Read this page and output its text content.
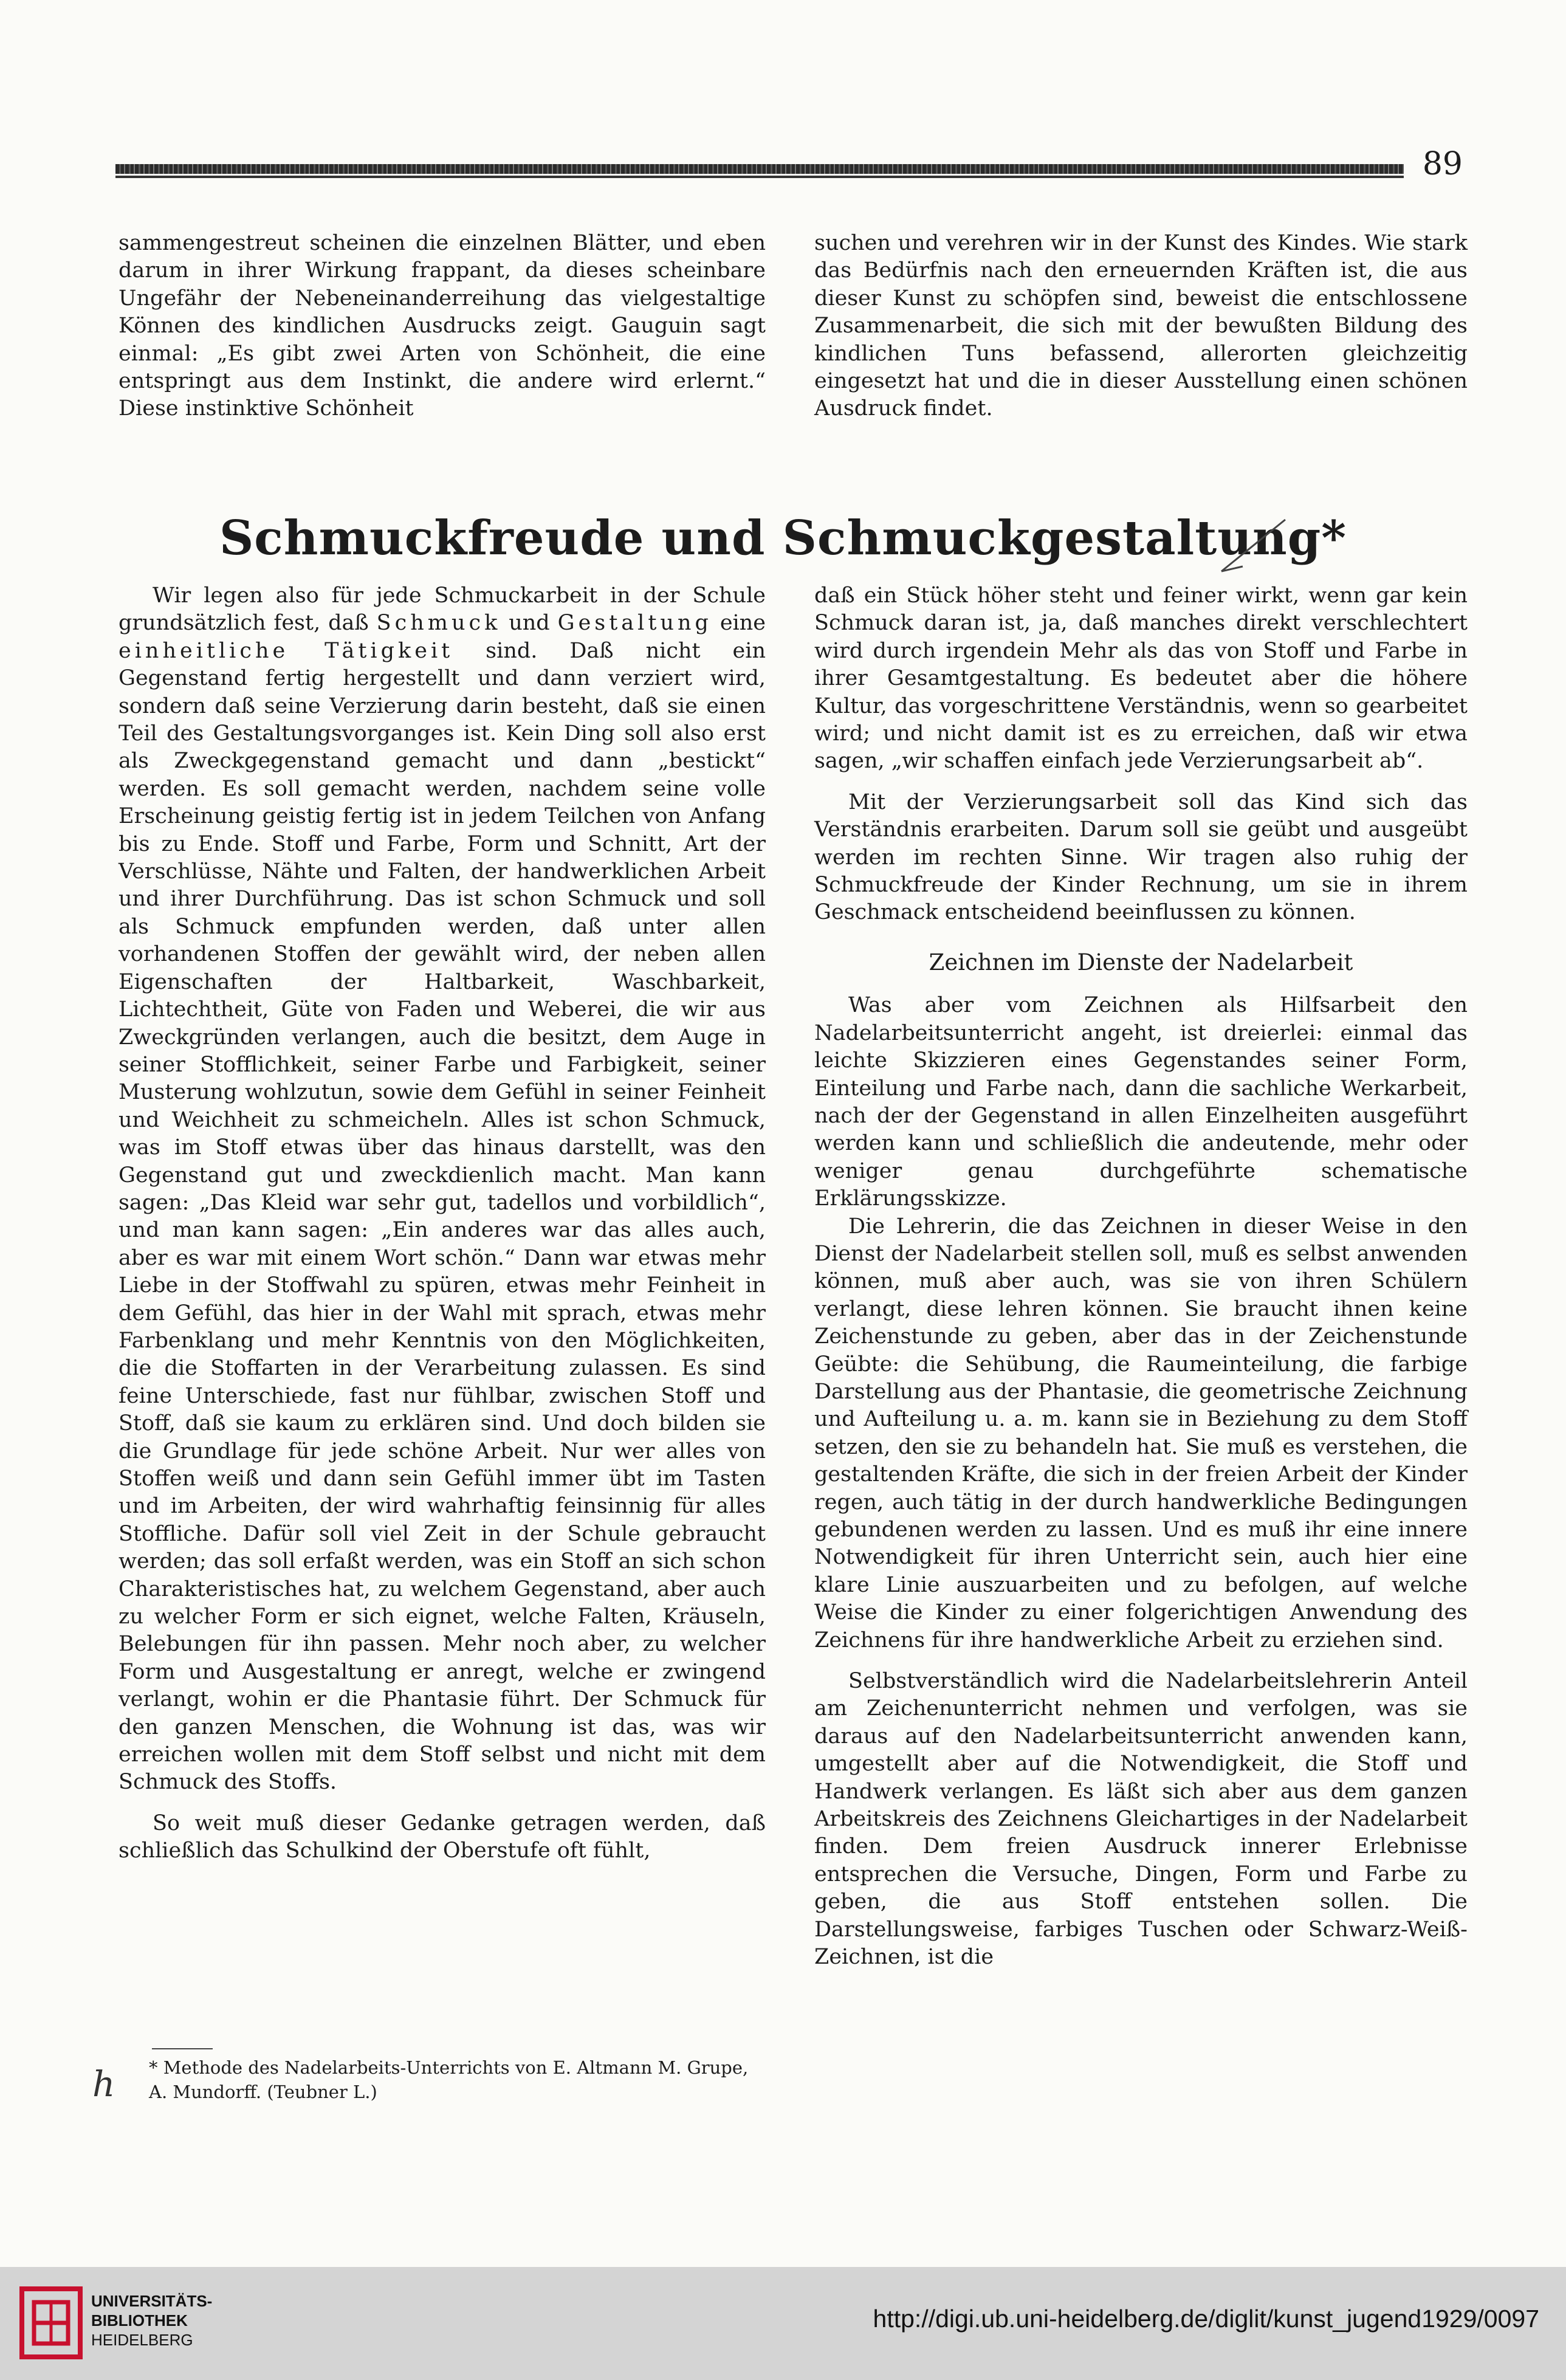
89

sammengestreut scheinen die einzelnen Blätter, und eben darum in ihrer Wirkung frappant, da dieses scheinbare Ungefähr der Nebeneinanderreihung das vielgestaltige Können des kindlichen Ausdrucks zeigt. Gauguin sagt einmal: „Es gibt zwei Arten von Schönheit, die eine entspringt aus dem Instinkt, die andere wird erlernt.“ Diese instinktive Schönheit

suchen und verehren wir in der Kunst des Kindes. Wie stark das Bedürfnis nach den erneuernden Kräften ist, die aus dieser Kunst zu schöpfen sind, beweist die entschlossene Zusammenarbeit, die sich mit der bewußten Bildung des kindlichen Tuns befassend, allerorten gleichzeitig eingesetzt hat und die in dieser Ausstellung einen schönen Ausdruck findet.

Schmuckfreude und Schmuckgestaltung*

Wir legen also für jede Schmuckarbeit in der Schule grundsätzlich fest, daß Schmuck und Gestaltung eine einheitliche Tätigkeit sind. Daß nicht ein Gegenstand fertig hergestellt und dann verziert wird, sondern daß seine Verzierung darin besteht, daß sie einen Teil des Gestaltungsvorganges ist. Kein Ding soll also erst als Zweckgegenstand gemacht und dann „bestickt“ werden. Es soll gemacht werden, nachdem seine volle Erscheinung geistig fertig ist in jedem Teilchen von Anfang bis zu Ende. Stoff und Farbe, Form und Schnitt, Art der Verschlüsse, Nähte und Falten, der handwerklichen Arbeit und ihrer Durchführung. Das ist schon Schmuck und soll als Schmuck empfunden werden, daß unter allen vorhandenen Stoffen der gewählt wird, der neben allen Eigenschaften der Haltbarkeit, Waschbarkeit, Lichtechtheit, Güte von Faden und Weberei, die wir aus Zweckgründen verlangen, auch die besitzt, dem Auge in seiner Stofflichkeit, seiner Farbe und Farbigkeit, seiner Musterung wohlzutun, sowie dem Gefühl in seiner Feinheit und Weichheit zu schmeicheln. Alles ist schon Schmuck, was im Stoff etwas über das hinaus darstellt, was den Gegenstand gut und zweckdienlich macht. Man kann sagen: „Das Kleid war sehr gut, tadellos und vorbildlich“, und man kann sagen: „Ein anderes war das alles auch, aber es war mit einem Wort schön.“ Dann war etwas mehr Liebe in der Stoffwahl zu spüren, etwas mehr Feinheit in dem Gefühl, das hier in der Wahl mit sprach, etwas mehr Farbenklang und mehr Kenntnis von den Möglichkeiten, die die Stoffarten in der Verarbeitung zulassen. Es sind feine Unterschiede, fast nur fühlbar, zwischen Stoff und Stoff, daß sie kaum zu erklären sind. Und doch bilden sie die Grundlage für jede schöne Arbeit. Nur wer alles von Stoffen weiß und dann sein Gefühl immer übt im Tasten und im Arbeiten, der wird wahrhaftig feinsinnig für alles Stoffliche. Dafür soll viel Zeit in der Schule gebraucht werden; das soll erfaßt werden, was ein Stoff an sich schon Charakteristisches hat, zu welchem Gegenstand, aber auch zu welcher Form er sich eignet, welche Falten, Kräuseln, Belebungen für ihn passen. Mehr noch aber, zu welcher Form und Ausgestaltung er anregt, welche er zwingend verlangt, wohin er die Phantasie führt. Der Schmuck für den ganzen Menschen, die Wohnung ist das, was wir erreichen wollen mit dem Stoff selbst und nicht mit dem Schmuck des Stoffs.

So weit muß dieser Gedanke getragen werden, daß schließlich das Schulkind der Oberstufe oft fühlt,

daß ein Stück höher steht und feiner wirkt, wenn gar kein Schmuck daran ist, ja, daß manches direkt verschlechtert wird durch irgendein Mehr als das von Stoff und Farbe in ihrer Gesamtgestaltung. Es bedeutet aber die höhere Kultur, das vorgeschrittene Verständnis, wenn so gearbeitet wird; und nicht damit ist es zu erreichen, daß wir etwa sagen, „wir schaffen einfach jede Verzierungsarbeit ab“.

Mit der Verzierungsarbeit soll das Kind sich das Verständnis erarbeiten. Darum soll sie geübt und ausgeübt werden im rechten Sinne. Wir tragen also ruhig der Schmuckfreude der Kinder Rechnung, um sie in ihrem Geschmack entscheidend beeinflussen zu können.

Zeichnen im Dienste der Nadelarbeit

Was aber vom Zeichnen als Hilfsarbeit den Nadelarbeitsunterricht angeht, ist dreierlei: einmal das leichte Skizzieren eines Gegenstandes seiner Form, Einteilung und Farbe nach, dann die sachliche Werkarbeit, nach der der Gegenstand in allen Einzelheiten ausgeführt werden kann und schließlich die andeutende, mehr oder weniger genau durchgeführte schematische Erklärungsskizze.

Die Lehrerin, die das Zeichnen in dieser Weise in den Dienst der Nadelarbeit stellen soll, muß es selbst anwenden können, muß aber auch, was sie von ihren Schülern verlangt, diese lehren können. Sie braucht ihnen keine Zeichenstunde zu geben, aber das in der Zeichenstunde Geübte: die Sehübung, die Raumeinteilung, die farbige Darstellung aus der Phantasie, die geometrische Zeichnung und Aufteilung u. a. m. kann sie in Beziehung zu dem Stoff setzen, den sie zu behandeln hat. Sie muß es verstehen, die gestaltenden Kräfte, die sich in der freien Arbeit der Kinder regen, auch tätig in der durch handwerkliche Bedingungen gebundenen werden zu lassen. Und es muß ihr eine innere Notwendigkeit für ihren Unterricht sein, auch hier eine klare Linie auszuarbeiten und zu befolgen, auf welche Weise die Kinder zu einer folgerichtigen Anwendung des Zeichnens für ihre handwerkliche Arbeit zu erziehen sind.

Selbstverständlich wird die Nadelarbeitslehrerin Anteil am Zeichenunterricht nehmen und verfolgen, was sie daraus auf den Nadelarbeitsunterricht anwenden kann, umgestellt aber auf die Notwendigkeit, die Stoff und Handwerk verlangen. Es läßt sich aber aus dem ganzen Arbeitskreis des Zeichnens Gleichartiges in der Nadelarbeit finden. Dem freien Ausdruck innerer Erlebnisse entsprechen die Versuche, Dingen, Form und Farbe zu geben, die aus Stoff entstehen sollen. Die Darstellungsweise, farbiges Tuschen oder Schwarz-Weiß-Zeichnen, ist die

* Methode des Nadelarbeits-Unterrichts von E. Altmann M. Grupe, A. Mundorff. (Teubner L.)
h
UNIVERSITÄTS-
BIBLIOTHEK
HEIDELBERG
http://digi.ub.uni-heidelberg.de/diglit/kunst_jugend1929/0097
